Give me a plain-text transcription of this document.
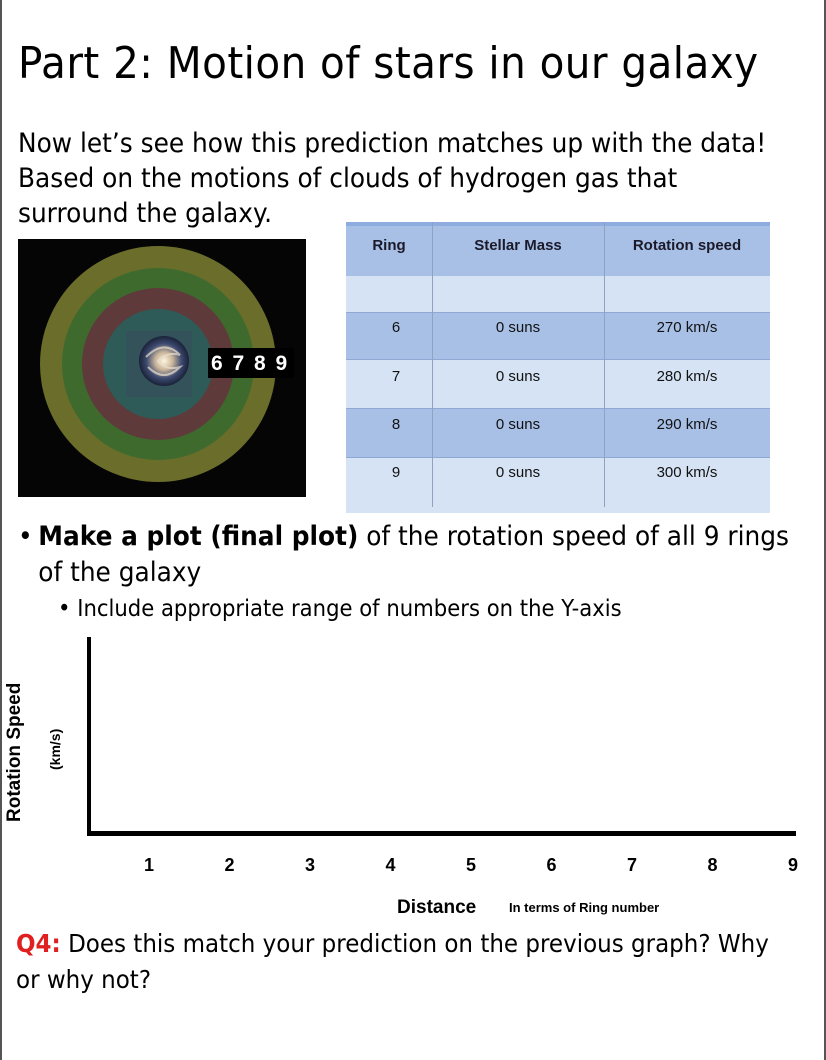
Part 2: Motion of stars in our galaxy
Now let’s see how this prediction matches up with the data!
Based on the motions of clouds of hydrogen gas that
surround the galaxy.
6 7 8 9
Ring	Stellar Mass	Rotation speed
6	0 suns	270 km/s
7	0 suns	280 km/s
8	0 suns	290 km/s
9	0 suns	300 km/s
• Make a plot (final plot) of the rotation speed of all 9 rings
of the galaxy
• Include appropriate range of numbers on the Y-axis
Rotation Speed (km/s)
1	2	3	4	5	6	7	8	9
Distance	In terms of Ring number
Q4: Does this match your prediction on the previous graph? Why
or why not?
